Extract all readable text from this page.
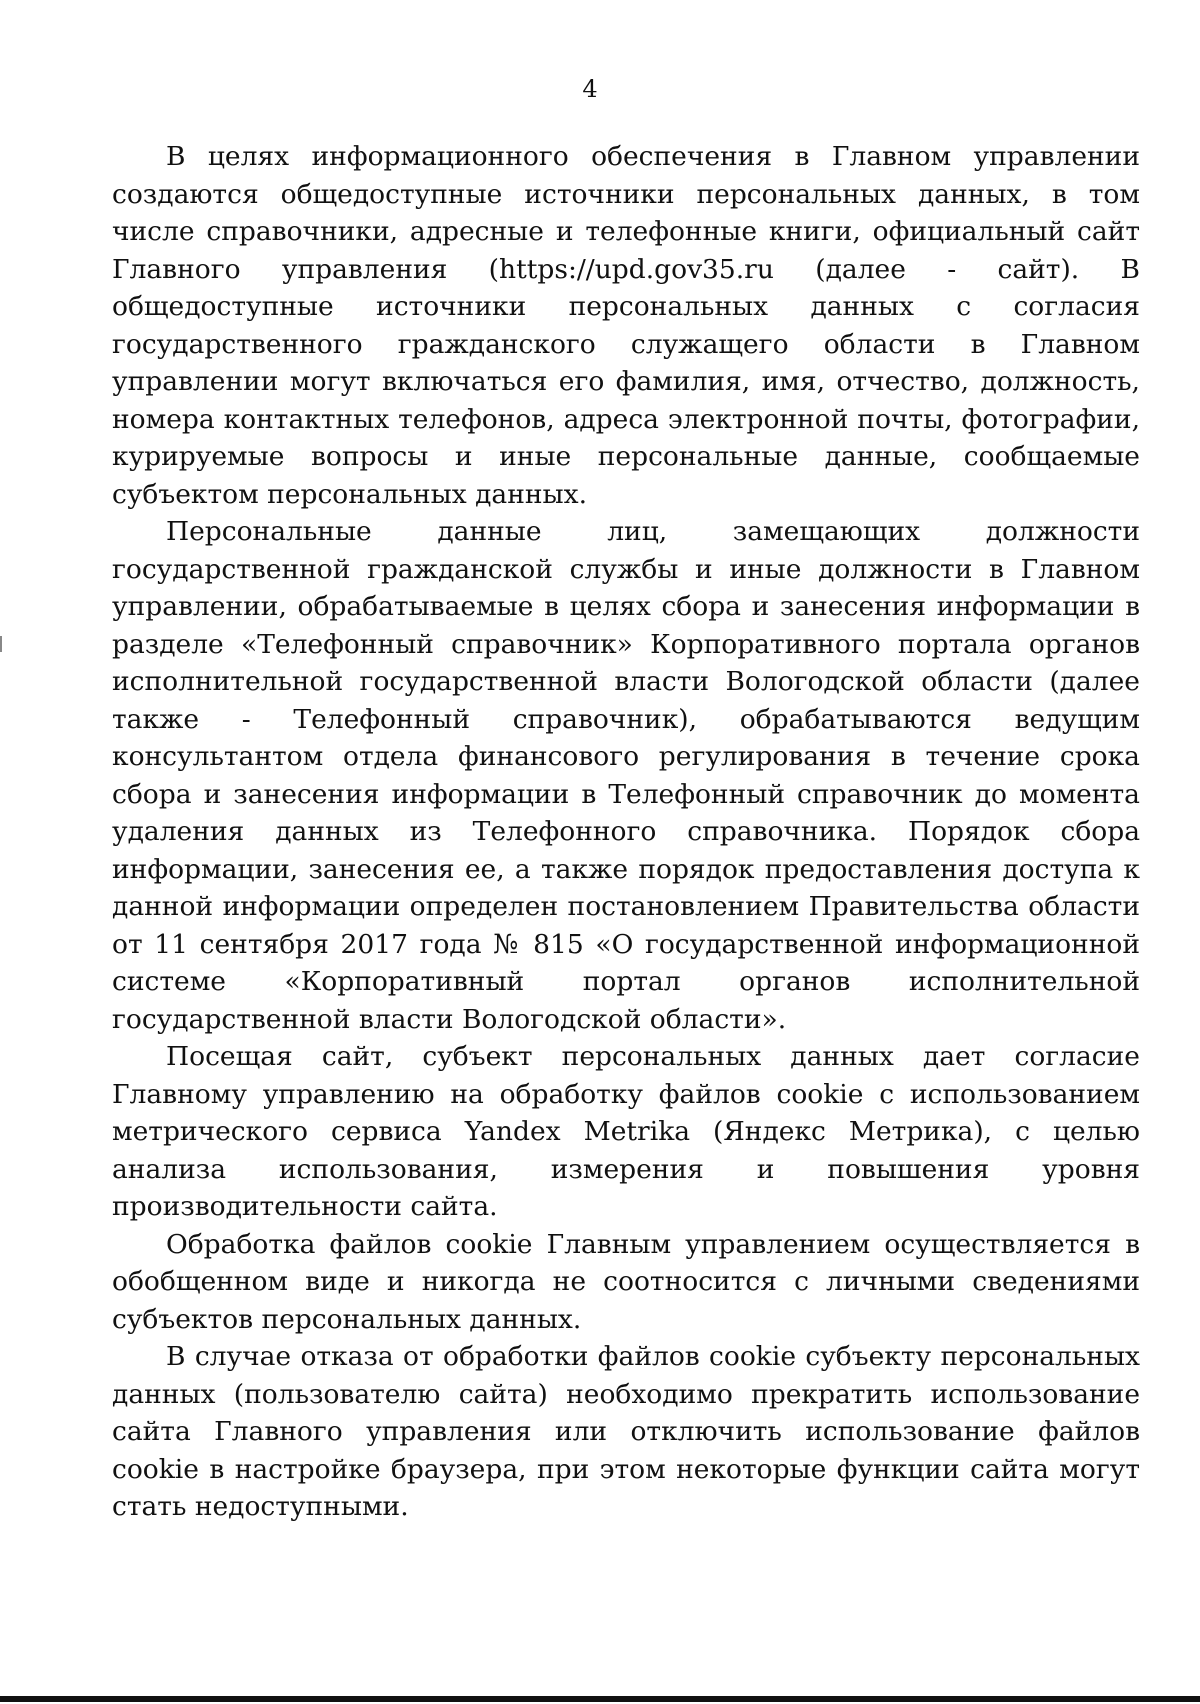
4

В целях информационного обеспечения в Главном управлении создаются общедоступные источники персональных данных, в том числе справочники, адресные и телефонные книги, официальный сайт Главного управления (https://upd.gov35.ru (далее - сайт). В общедоступные источники персональных данных с согласия государственного гражданского служащего области в Главном управлении могут включаться его фамилия, имя, отчество, должность, номера контактных телефонов, адреса электронной почты, фотографии, курируемые вопросы и иные персональные данные, сообщаемые субъектом персональных данных.

Персональные данные лиц, замещающих должности государственной гражданской службы и иные должности в Главном управлении, обрабатываемые в целях сбора и занесения информации в разделе «Телефонный справочник» Корпоративного портала органов исполнительной государственной власти Вологодской области (далее также - Телефонный справочник), обрабатываются ведущим консультантом отдела финансового регулирования в течение срока сбора и занесения информации в Телефонный справочник до момента удаления данных из Телефонного справочника. Порядок сбора информации, занесения ее, а также порядок предоставления доступа к данной информации определен постановлением Правительства области от 11 сентября 2017 года № 815 «О государственной информационной системе «Корпоративный портал органов исполнительной государственной власти Вологодской области».

Посещая сайт, субъект персональных данных дает согласие Главному управлению на обработку файлов cookie с использованием метрического сервиса Yandex Metrika (Яндекс Метрика), с целью анализа использования, измерения и повышения уровня производительности сайта.

Обработка файлов cookie Главным управлением осуществляется в обобщенном виде и никогда не соотносится с личными сведениями субъектов персональных данных.

В случае отказа от обработки файлов cookie субъекту персональных данных (пользователю сайта) необходимо прекратить использование сайта Главного управления или отключить использование файлов cookie в настройке браузера, при этом некоторые функции сайта могут стать недоступными.
